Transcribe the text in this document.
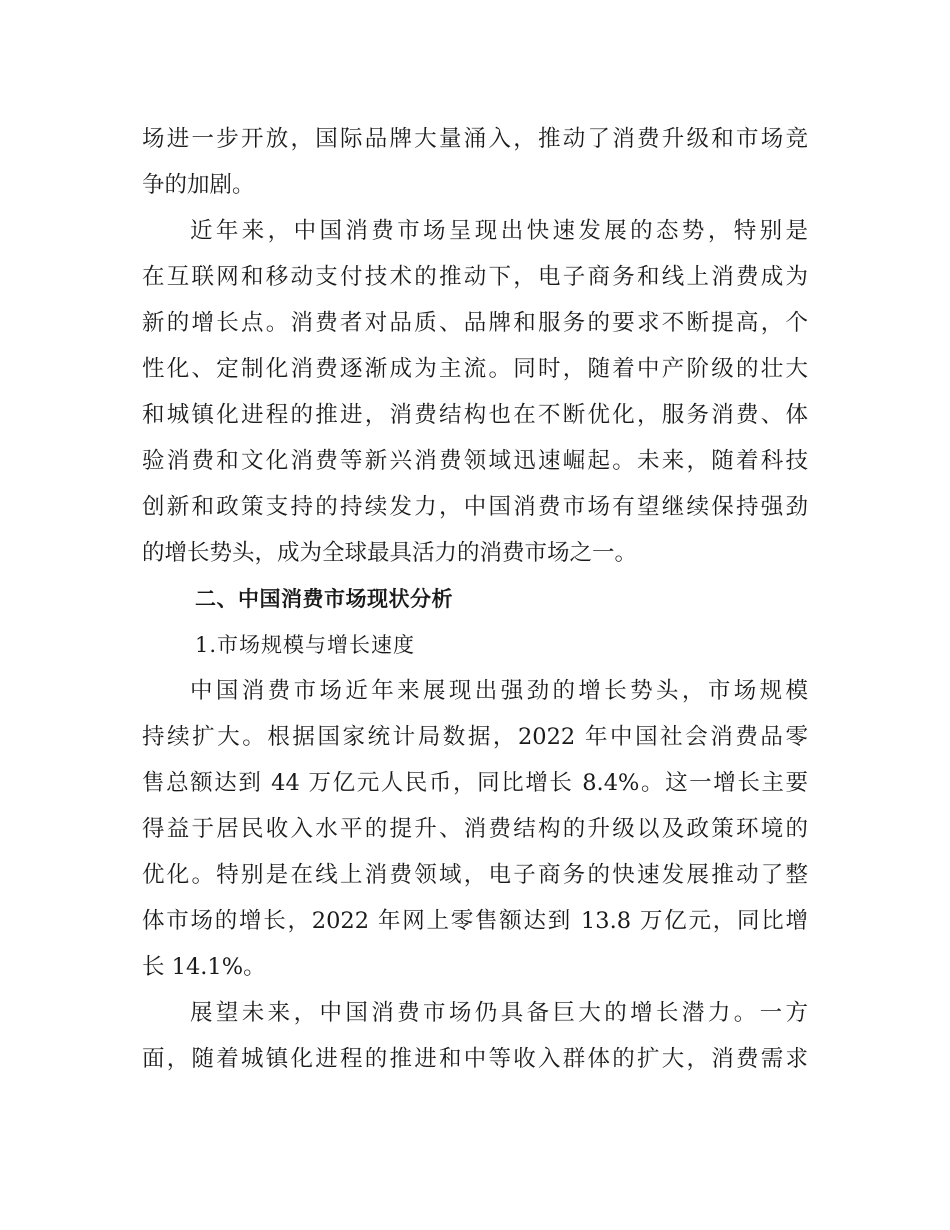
场进一步开放，国际品牌大量涌入，推动了消费升级和市场竞
争的加剧。
近年来，中国消费市场呈现出快速发展的态势，特别是
在互联网和移动支付技术的推动下，电子商务和线上消费成为
新的增长点。消费者对品质、品牌和服务的要求不断提高，个
性化、定制化消费逐渐成为主流。同时，随着中产阶级的壮大
和城镇化进程的推进，消费结构也在不断优化，服务消费、体
验消费和文化消费等新兴消费领域迅速崛起。未来，随着科技
创新和政策支持的持续发力，中国消费市场有望继续保持强劲
的增长势头，成为全球最具活力的消费市场之一。
二、中国消费市场现状分析
1.市场规模与增长速度
中国消费市场近年来展现出强劲的增长势头，市场规模
持续扩大。根据国家统计局数据，2022 年中国社会消费品零
售总额达到 44 万亿元人民币，同比增长 8.4%。这一增长主要
得益于居民收入水平的提升、消费结构的升级以及政策环境的
优化。特别是在线上消费领域，电子商务的快速发展推动了整
体市场的增长，2022 年网上零售额达到 13.8 万亿元，同比增
长 14.1%。
展望未来，中国消费市场仍具备巨大的增长潜力。一方
面，随着城镇化进程的推进和中等收入群体的扩大，消费需求
